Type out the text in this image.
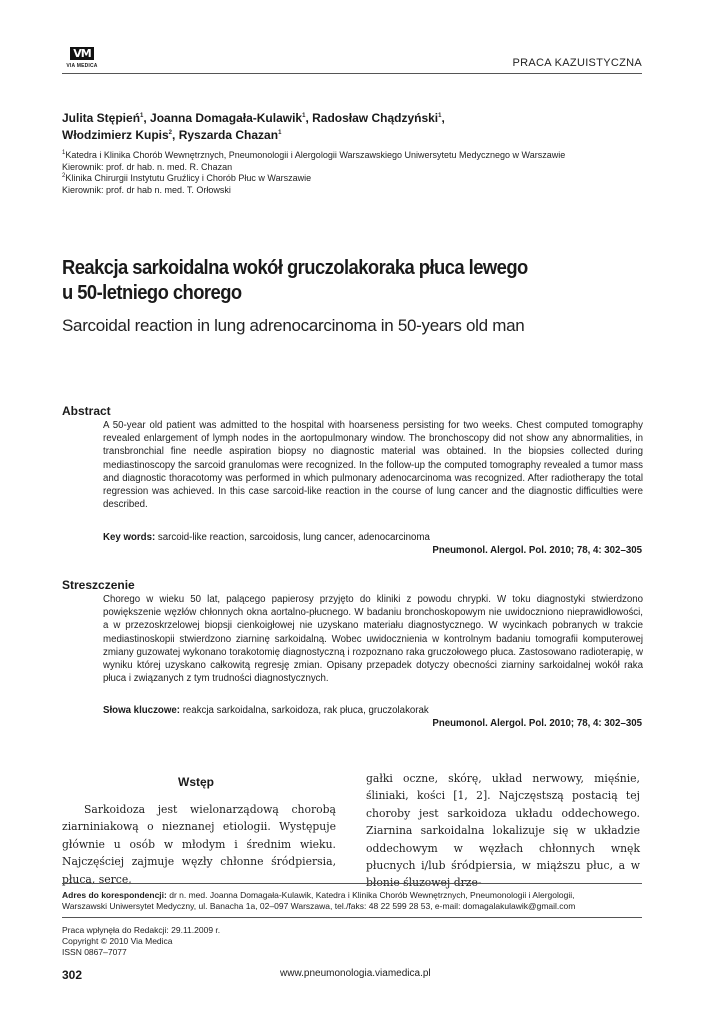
VM
VIA MEDICA	PRACA KAZUISTYCZNA
Julita Stępień$^1$, Joanna Domagała-Kulawik$^1$, Radosław Chądzyński$^1$,
Włodzimierz Kupis$^2$, Ryszarda Chazan$^1$
$^1$Katedra i Klinika Chorób Wewnętrznych, Pneumonologii i Alergologii Warszawskiego Uniwersytetu Medycznego w Warszawie
Kierownik: prof. dr hab. n. med. R. Chazan
$^2$Klinika Chirurgii Instytutu Gruźlicy i Chorób Płuc w Warszawie
Kierownik: prof. dr hab n. med. T. Orłowski
Reakcja sarkoidalna wokół gruczolakoraka płuca lewego
u 50-letniego chorego
Sarcoidal reaction in lung adrenocarcinoma in 50-years old man
Abstract
A 50-year old patient was admitted to the hospital with hoarseness persisting for two weeks. Chest computed tomography revealed enlargement of lymph nodes in the aortopulmonary window. The bronchoscopy did not show any abnormalities, in transbronchial fine needle aspiration biopsy no diagnostic material was obtained. In the biopsies collected during mediastinoscopy the sarcoid granulomas were recognized. In the follow-up the computed tomography revealed a tumor mass and diagnostic thoracotomy was performed in which pulmonary adenocarcinoma was recognized. After radiotherapy the total regression was achieved. In this case sarcoid-like reaction in the course of lung cancer and the diagnostic difficulties were described.
Key words: sarcoid-like reaction, sarcoidosis, lung cancer, adenocarcinoma
Pneumonol. Alergol. Pol. 2010; 78, 4: 302–305
Streszczenie
Chorego w wieku 50 lat, palącego papierosy przyjęto do kliniki z powodu chrypki. W toku diagnostyki stwierdzono powiększenie węzłów chłonnych okna aortalno-płucnego. W badaniu bronchoskopowym nie uwidoczniono nieprawidłowości, a w przezoskrzelowej biopsji cienkoigłowej nie uzyskano materiału diagnostycznego. W wycinkach pobranych w trakcie mediastinoskopii stwierdzono ziarninę sarkoidalną. Wobec uwidocznienia w kontrolnym badaniu tomografii komputerowej zmiany guzowatej wykonano torakotomię diagnostyczną i rozpoznano raka gruczołowego płuca. Zastosowano radioterapię, w wyniku której uzyskano całkowitą regresję zmian. Opisany przepadek dotyczy obecności ziarniny sarkoidalnej wokół raka płuca i związanych z tym trudności diagnostycznych.
Słowa kluczowe: reakcja sarkoidalna, sarkoidoza, rak płuca, gruczolakorak
Pneumonol. Alergol. Pol. 2010; 78, 4: 302–305
Wstęp
Sarkoidoza jest wielonarządową chorobą ziarniniakową o nieznanej etiologii. Występuje głównie u osób w młodym i średnim wieku. Najczęściej zajmuje węzły chłonne śródpiersia, płuca, serce,
gałki oczne, skórę, układ nerwowy, mięśnie, śliniaki, kości [1, 2]. Najczęstszą postacią tej choroby jest sarkoidoza układu oddechowego. Ziarnina sarkoidalna lokalizuje się w układzie oddechowym w węzłach chłonnych wnęk płucnych i/lub śródpiersia, w miąższu płuc, a w błonie śluzowej drze-
Adres do korespondencji: dr n. med. Joanna Domagała-Kulawik, Katedra i Klinika Chorób Wewnętrznych, Pneumonologii i Alergologii,
Warszawski Uniwersytet Medyczny, ul. Banacha 1a, 02–097 Warszawa, tel./faks: 48 22 599 28 53, e-mail: domagalakulawik@gmail.com
Praca wpłynęła do Redakcji: 29.11.2009 r.
Copyright © 2010 Via Medica
ISSN 0867–7077
302	www.pneumonologia.viamedica.pl
